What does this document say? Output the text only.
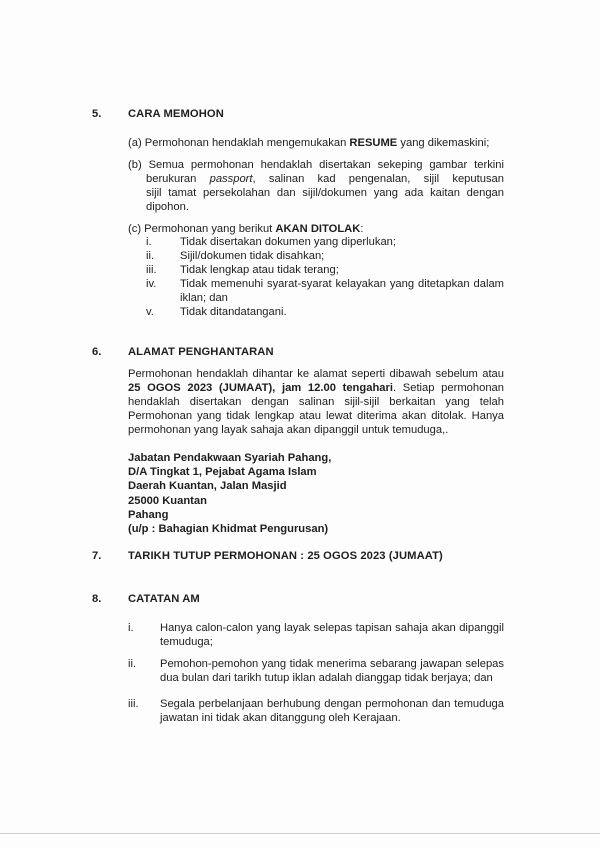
5. CARA MEMOHON
(a) Permohonan hendaklah mengemukakan RESUME yang dikemaskini;
(b) Semua permohonan hendaklah disertakan sekeping gambar terkini
berukuran passport, salinan kad pengenalan, sijil keputusan
sijil tamat persekolahan dan sijil/dokumen yang ada kaitan dengan
dipohon.
(c) Permohonan yang berikut AKAN DITOLAK:
i.	Tidak disertakan dokumen yang diperlukan;
ii.	Sijil/dokumen tidak disahkan;
iii.	Tidak lengkap atau tidak terang;
iv.	Tidak memenuhi syarat-syarat kelayakan yang ditetapkan dalam
iklan; dan
v.	Tidak ditandatangani.
6. ALAMAT PENGHANTARAN
Permohonan hendaklah dihantar ke alamat seperti dibawah sebelum atau
25 OGOS 2023 (JUMAAT), jam 12.00 tengahari. Setiap permohonan
hendaklah disertakan dengan salinan sijil-sijil berkaitan yang telah
Permohonan yang tidak lengkap atau lewat diterima akan ditolak. Hanya
permohonan yang layak sahaja akan dipanggil untuk temuduga,.
Jabatan Pendakwaan Syariah Pahang,
D/A Tingkat 1, Pejabat Agama Islam
Daerah Kuantan, Jalan Masjid
25000 Kuantan
Pahang
(u/p : Bahagian Khidmat Pengurusan)
7. TARIKH TUTUP PERMOHONAN : 25 OGOS 2023 (JUMAAT)
8. CATATAN AM
i. Hanya calon-calon yang layak selepas tapisan sahaja akan dipanggil
temuduga;
ii. Pemohon-pemohon yang tidak menerima sebarang jawapan selepas
dua bulan dari tarikh tutup iklan adalah dianggap tidak berjaya; dan
iii. Segala perbelanjaan berhubung dengan permohonan dan temuduga
jawatan ini tidak akan ditanggung oleh Kerajaan.
